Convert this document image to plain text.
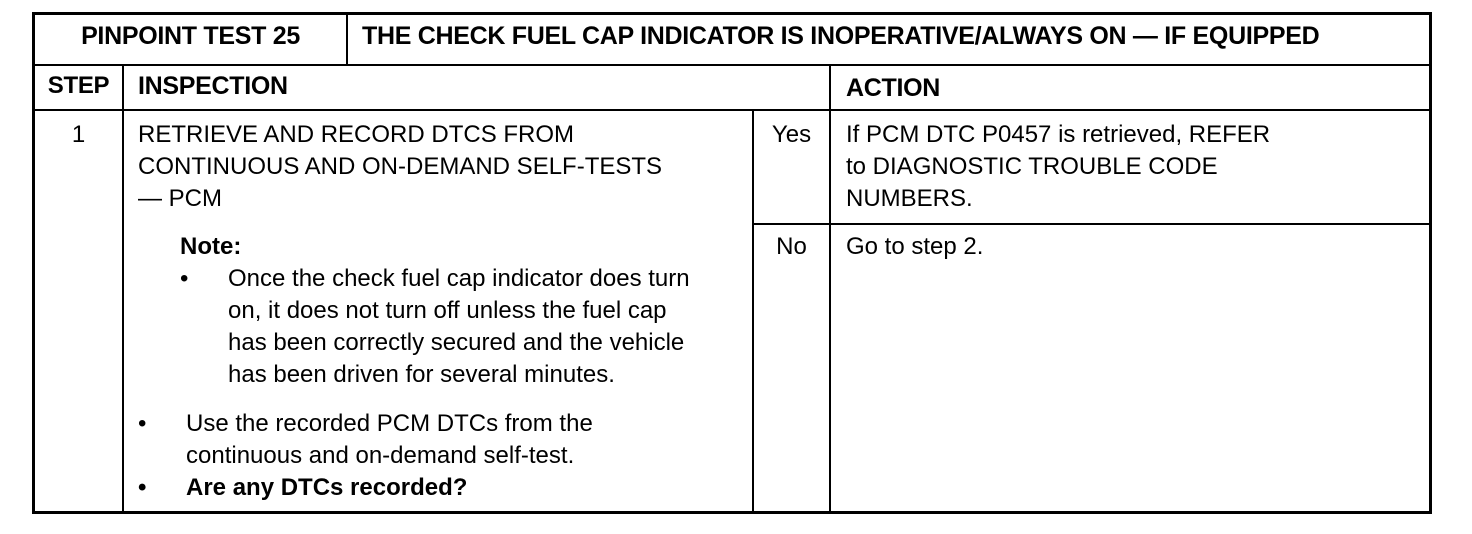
PINPOINT TEST 25	THE CHECK FUEL CAP INDICATOR IS INOPERATIVE/ALWAYS ON — IF EQUIPPED
STEP	INSPECTION	ACTION
1	RETRIEVE AND RECORD DTCS FROM
CONTINUOUS AND ON-DEMAND SELF-TESTS
— PCM
Note:
• Once the check fuel cap indicator does turn
on, it does not turn off unless the fuel cap
has been correctly secured and the vehicle
has been driven for several minutes.
• Use the recorded PCM DTCs from the
continuous and on-demand self-test.
• Are any DTCs recorded?
Yes	If PCM DTC P0457 is retrieved, REFER
to DIAGNOSTIC TROUBLE CODE
NUMBERS.
No	Go to step 2.
